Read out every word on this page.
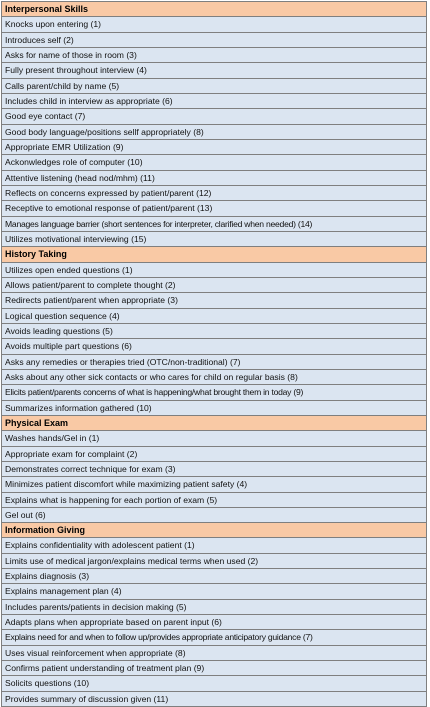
Interpersonal Skills
Knocks upon entering (1)
Introduces self (2)
Asks for name of those in room (3)
Fully present throughout interview (4)
Calls parent/child by name (5)
Includes child in interview as appropriate (6)
Good eye contact (7)
Good body language/positions sellf appropriately (8)
Appropriate EMR Utilization (9)
Ackonwledges role of computer (10)
Attentive listening (head nod/mhm) (11)
Reflects on concerns expressed by patient/parent (12)
Receptive to emotional response of patient/parent (13)
Manages language barrier (short sentences for interpreter, clarified when needed) (14)
Utilizes motivational interviewing (15)
History Taking
Utilizes open ended questions (1)
Allows patient/parent to complete thought (2)
Redirects patient/parent when appropriate (3)
Logical question sequence (4)
Avoids leading questions (5)
Avoids multiple part questions (6)
Asks any remedies or therapies tried (OTC/non-traditional) (7)
Asks about any other sick contacts or who cares for child on regular basis (8)
Elicits patient/parents concerns of what is happening/what brought them in today (9)
Summarizes information gathered (10)
Physical Exam
Washes hands/Gel in (1)
Appropriate exam for complaint (2)
Demonstrates correct technique for exam (3)
Minimizes patient discomfort while maximizing patient safety (4)
Explains what is happening for each portion of exam (5)
Gel out (6)
Information Giving
Explains confidentiality with adolescent patient (1)
Limits use of medical jargon/explains medical terms when used (2)
Explains diagnosis (3)
Explains management plan (4)
Includes parents/patients in decision making (5)
Adapts plans when appropriate based on parent input (6)
Explains need for and when to follow up/provides appropriate anticipatory guidance (7)
Uses visual reinforcement when appropriate (8)
Confirms patient understanding of treatment plan (9)
Solicits questions (10)
Provides summary of discussion given (11)
